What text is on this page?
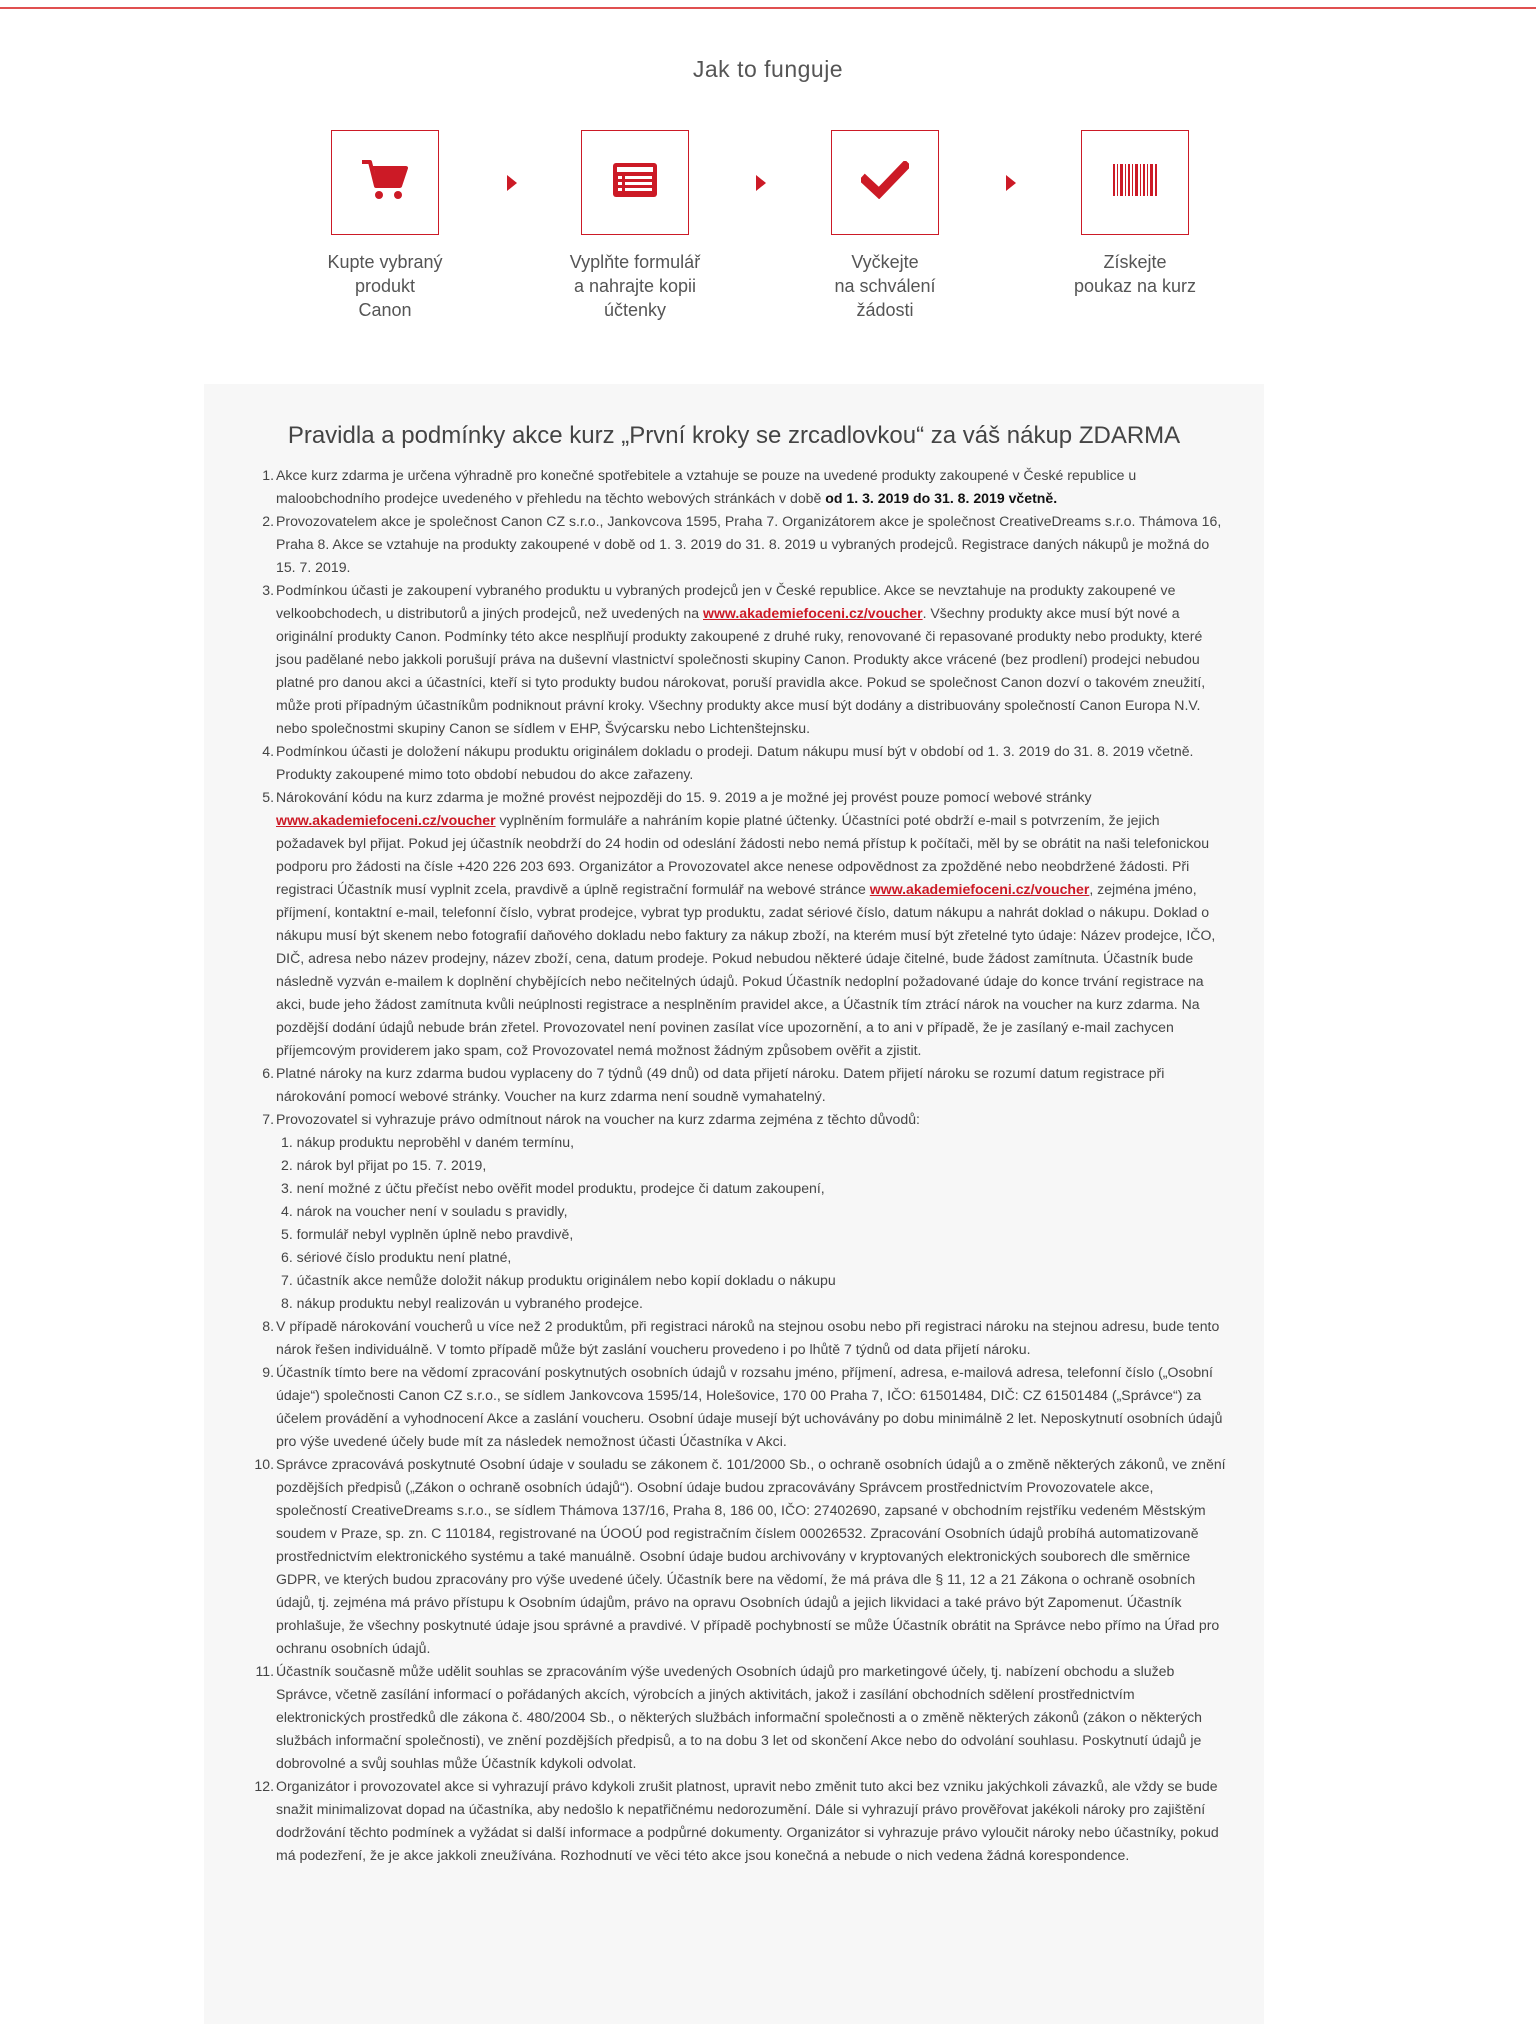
Jak to funguje
Kupte vybraný
produkt
Canon
Vyplňte formulář
a nahrajte kopii
účtenky
Vyčkejte
na schválení
žádosti
Získejte
poukaz na kurz
Pravidla a podmínky akce kurz „První kroky se zrcadlovkou“ za váš nákup ZDARMA
1. Akce kurz zdarma je určena výhradně pro konečné spotřebitele a vztahuje se pouze na uvedené produkty zakoupené v České republice u maloobchodního prodejce uvedeného v přehledu na těchto webových stránkách v době od 1. 3. 2019 do 31. 8. 2019 včetně.
2. Provozovatelem akce je společnost Canon CZ s.r.o., Jankovcova 1595, Praha 7. Organizátorem akce je společnost CreativeDreams s.r.o. Thámova 16, Praha 8. Akce se vztahuje na produkty zakoupené v době od 1. 3. 2019 do 31. 8. 2019 u vybraných prodejců. Registrace daných nákupů je možná do 15. 7. 2019.
3. Podmínkou účasti je zakoupení vybraného produktu u vybraných prodejců jen v České republice. Akce se nevztahuje na produkty zakoupené ve velkoobchodech, u distributorů a jiných prodejců, než uvedených na www.akademiefoceni.cz/voucher. Všechny produkty akce musí být nové a originální produkty Canon. Podmínky této akce nesplňují produkty zakoupené z druhé ruky, renovované či repasované produkty nebo produkty, které jsou padělané nebo jakkoli porušují práva na duševní vlastnictví společnosti skupiny Canon. Produkty akce vrácené (bez prodlení) prodejci nebudou platné pro danou akci a účastníci, kteří si tyto produkty budou nárokovat, poruší pravidla akce. Pokud se společnost Canon dozví o takovém zneužití, může proti případným účastníkům podniknout právní kroky. Všechny produkty akce musí být dodány a distribuovány společností Canon Europa N.V. nebo společnostmi skupiny Canon se sídlem v EHP, Švýcarsku nebo Lichtenštejnsku.
4. Podmínkou účasti je doložení nákupu produktu originálem dokladu o prodeji. Datum nákupu musí být v období od 1. 3. 2019 do 31. 8. 2019 včetně. Produkty zakoupené mimo toto období nebudou do akce zařazeny.
5. Nárokování kódu na kurz zdarma je možné provést nejpozději do 15. 9. 2019 a je možné jej provést pouze pomocí webové stránky www.akademiefoceni.cz/voucher vyplněním formuláře a nahráním kopie platné účtenky. Účastníci poté obdrží e-mail s potvrzením, že jejich požadavek byl přijat. Pokud jej účastník neobdrží do 24 hodin od odeslání žádosti nebo nemá přístup k počítači, měl by se obrátit na naši telefonickou podporu pro žádosti na čísle +420 226 203 693. Organizátor a Provozovatel akce nenese odpovědnost za zpožděné nebo neobdržené žádosti. Při registraci Účastník musí vyplnit zcela, pravdivě a úplně registrační formulář na webové stránce www.akademiefoceni.cz/voucher, zejména jméno, příjmení, kontaktní e-mail, telefonní číslo, vybrat prodejce, vybrat typ produktu, zadat sériové číslo, datum nákupu a nahrát doklad o nákupu. Doklad o nákupu musí být skenem nebo fotografií daňového dokladu nebo faktury za nákup zboží, na kterém musí být zřetelné tyto údaje: Název prodejce, IČO, DIČ, adresa nebo název prodejny, název zboží, cena, datum prodeje. Pokud nebudou některé údaje čitelné, bude žádost zamítnuta. Účastník bude následně vyzván e-mailem k doplnění chybějících nebo nečitelných údajů. Pokud Účastník nedoplní požadované údaje do konce trvání registrace na akci, bude jeho žádost zamítnuta kvůli neúplnosti registrace a nesplněním pravidel akce, a Účastník tím ztrácí nárok na voucher na kurz zdarma. Na pozdější dodání údajů nebude brán zřetel. Provozovatel není povinen zasílat více upozornění, a to ani v případě, že je zasílaný e-mail zachycen příjemcovým providerem jako spam, což Provozovatel nemá možnost žádným způsobem ověřit a zjistit.
6. Platné nároky na kurz zdarma budou vyplaceny do 7 týdnů (49 dnů) od data přijetí nároku. Datem přijetí nároku se rozumí datum registrace při nárokování pomocí webové stránky. Voucher na kurz zdarma není soudně vymahatelný.
7. Provozovatel si vyhrazuje právo odmítnout nárok na voucher na kurz zdarma zejména z těchto důvodů:
1. nákup produktu neproběhl v daném termínu,
2. nárok byl přijat po 15. 7. 2019,
3. není možné z účtu přečíst nebo ověřit model produktu, prodejce či datum zakoupení,
4. nárok na voucher není v souladu s pravidly,
5. formulář nebyl vyplněn úplně nebo pravdivě,
6. sériové číslo produktu není platné,
7. účastník akce nemůže doložit nákup produktu originálem nebo kopií dokladu o nákupu
8. nákup produktu nebyl realizován u vybraného prodejce.
8. V případě nárokování voucherů u více než 2 produktům, při registraci nároků na stejnou osobu nebo při registraci nároku na stejnou adresu, bude tento nárok řešen individuálně. V tomto případě může být zaslání voucheru provedeno i po lhůtě 7 týdnů od data přijetí nároku.
9. Účastník tímto bere na vědomí zpracování poskytnutých osobních údajů v rozsahu jméno, příjmení, adresa, e-mailová adresa, telefonní číslo („Osobní údaje“) společnosti Canon CZ s.r.o., se sídlem Jankovcova 1595/14, Holešovice, 170 00 Praha 7, IČO: 61501484, DIČ: CZ 61501484 („Správce“) za účelem provádění a vyhodnocení Akce a zaslání voucheru. Osobní údaje musejí být uchovávány po dobu minimálně 2 let. Neposkytnutí osobních údajů pro výše uvedené účely bude mít za následek nemožnost účasti Účastníka v Akci.
10. Správce zpracovává poskytnuté Osobní údaje v souladu se zákonem č. 101/2000 Sb., o ochraně osobních údajů a o změně některých zákonů, ve znění pozdějších předpisů („Zákon o ochraně osobních údajů“). Osobní údaje budou zpracovávány Správcem prostřednictvím Provozovatele akce, společností CreativeDreams s.r.o., se sídlem Thámova 137/16, Praha 8, 186 00, IČO: 27402690, zapsané v obchodním rejstříku vedeném Městským soudem v Praze, sp. zn. C 110184, registrované na ÚOOÚ pod registračním číslem 00026532. Zpracování Osobních údajů probíhá automatizovaně prostřednictvím elektronického systému a také manuálně. Osobní údaje budou archivovány v kryptovaných elektronických souborech dle směrnice GDPR, ve kterých budou zpracovány pro výše uvedené účely. Účastník bere na vědomí, že má práva dle § 11, 12 a 21 Zákona o ochraně osobních údajů, tj. zejména má právo přístupu k Osobním údajům, právo na opravu Osobních údajů a jejich likvidaci a také právo být Zapomenut. Účastník prohlašuje, že všechny poskytnuté údaje jsou správné a pravdivé. V případě pochybností se může Účastník obrátit na Správce nebo přímo na Úřad pro ochranu osobních údajů.
11. Účastník současně může udělit souhlas se zpracováním výše uvedených Osobních údajů pro marketingové účely, tj. nabízení obchodu a služeb Správce, včetně zasílání informací o pořádaných akcích, výrobcích a jiných aktivitách, jakož i zasílání obchodních sdělení prostřednictvím elektronických prostředků dle zákona č. 480/2004 Sb., o některých službách informační společnosti a o změně některých zákonů (zákon o některých službách informační společnosti), ve znění pozdějších předpisů, a to na dobu 3 let od skončení Akce nebo do odvolání souhlasu. Poskytnutí údajů je dobrovolné a svůj souhlas může Účastník kdykoli odvolat.
12. Organizátor i provozovatel akce si vyhrazují právo kdykoli zrušit platnost, upravit nebo změnit tuto akci bez vzniku jakýchkoli závazků, ale vždy se bude snažit minimalizovat dopad na účastníka, aby nedošlo k nepatřičnému nedorozumění. Dále si vyhrazují právo prověřovat jakékoli nároky pro zajištění dodržování těchto podmínek a vyžádat si další informace a podpůrné dokumenty. Organizátor si vyhrazuje právo vyloučit nároky nebo účastníky, pokud má podezření, že je akce jakkoli zneužívána. Rozhodnutí ve věci této akce jsou konečná a nebude o nich vedena žádná korespondence.
